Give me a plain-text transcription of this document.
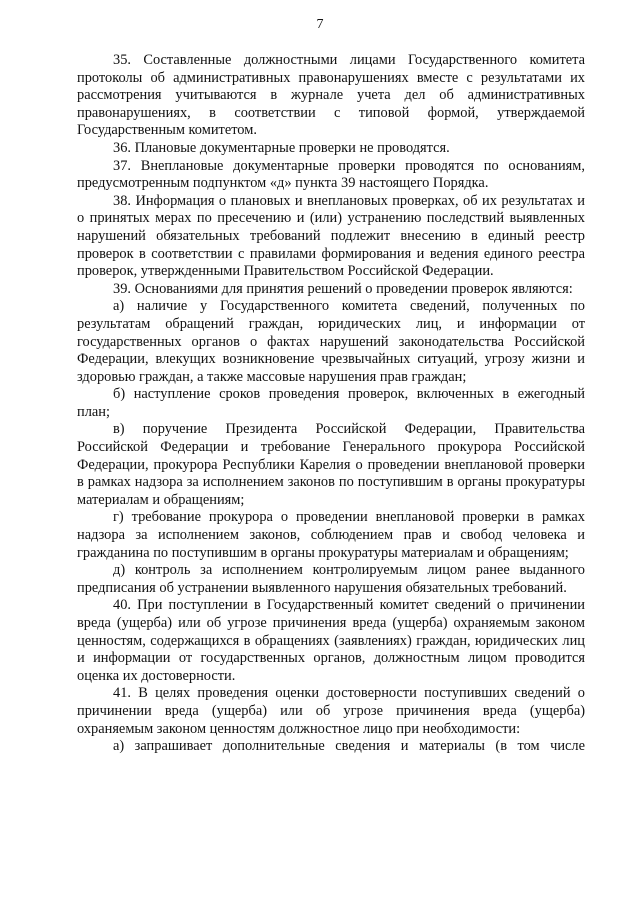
7

35. Составленные должностными лицами Государственного комитета протоколы об административных правонарушениях вместе с результатами их рассмотрения учитываются в журнале учета дел об административных правонарушениях, в соответствии с типовой формой, утверждаемой Государственным комитетом.

36. Плановые документарные проверки не проводятся.

37. Внеплановые документарные проверки проводятся по основаниям, предусмотренным подпунктом «д» пункта 39 настоящего Порядка.

38. Информация о плановых и внеплановых проверках, об их результатах и о принятых мерах по пресечению и (или) устранению последствий выявленных нарушений обязательных требований подлежит внесению в единый реестр проверок в соответствии с правилами формирования и ведения единого реестра проверок, утвержденными Правительством Российской Федерации.

39. Основаниями для принятия решений о проведении проверок являются:

а) наличие у Государственного комитета сведений, полученных по результатам обращений граждан, юридических лиц, и информации от государственных органов о фактах нарушений законодательства Российской Федерации, влекущих возникновение чрезвычайных ситуаций, угрозу жизни и здоровью граждан, а также массовые нарушения прав граждан;

б) наступление сроков проведения проверок, включенных в ежегодный план;

в) поручение Президента Российской Федерации, Правительства Российской Федерации и требование Генерального прокурора Российской Федерации, прокурора Республики Карелия о проведении внеплановой проверки в рамках надзора за исполнением законов по поступившим в органы прокуратуры материалам и обращениям;

г) требование прокурора о проведении внеплановой проверки в рамках надзора за исполнением законов, соблюдением прав и свобод человека и гражданина по поступившим в органы прокуратуры материалам и обращениям;

д) контроль за исполнением контролируемым лицом ранее выданного предписания об устранении выявленного нарушения обязательных требований.

40. При поступлении в Государственный комитет сведений о причинении вреда (ущерба) или об угрозе причинения вреда (ущерба) охраняемым законом ценностям, содержащихся в обращениях (заявлениях) граждан, юридических лиц и информации от государственных органов, должностным лицом проводится оценка их достоверности.

41. В целях проведения оценки достоверности поступивших сведений о причинении вреда (ущерба) или об угрозе причинения вреда (ущерба) охраняемым законом ценностям должностное лицо при необходимости:

а) запрашивает дополнительные сведения и материалы (в том числе
